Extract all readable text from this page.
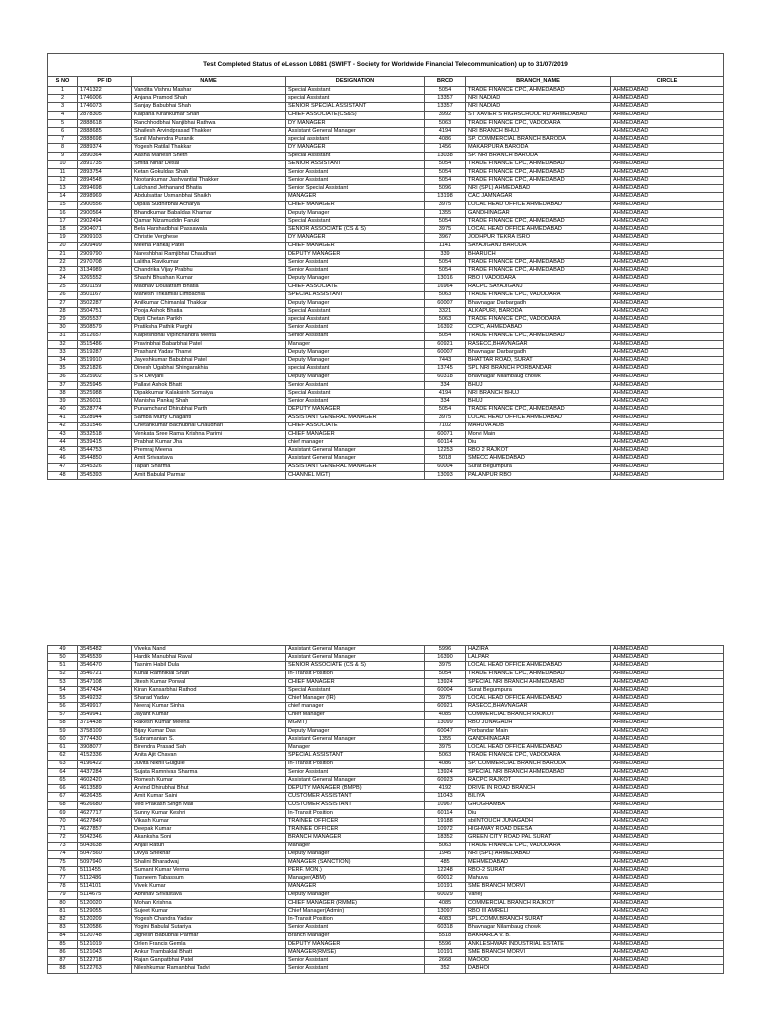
Test Completed Status of eLesson L0881 (SWIFT - Society for Worldwide Financial Telecommunication) up to 31/07/2019						
S NO	PF ID	NAME	DESIGNATION	BRCD	BRANCH_NAME	CIRCLE
1	1741322	Vandita Vishnu Mashar	Special Assistant	5054	TRADE FINANCE CPC, AHMEDABAD	AHMEDABAD
2	1746006	Anjana Pramod Shah	special Assistant	13357	NRI NADIAD	AHMEDABAD
3	1746073	Sanjay Babubhai Shah	SENIOR SPECIAL ASSISTANT	13357	NRI NADIAD	AHMEDABAD
4	2878305	Kalpana Kirankumar Shah	CHIEF ASSOCIATE(CS&S)	3992	ST XAVIER S HIGHSCHOOL RD AHMEDABAD	AHMEDABAD
5	2888618	Ranchhodbhai Nanjibhai Rathwa	DY MANAGER	5063	TRADE FINANCE CPC, VADODARA	AHMEDABAD
6	2888685	Shailesh Arvindprasad Thakker	Assistant General Manager	4194	NRI BRANCH BHUJ	AHMEDABAD
7	2888698	Sunil Mahendra Puranik	special assistant	4086	SP. COMMERCIAL BRANCH BARODA	AHMEDABAD
8	2889374	Yogesh Ratilal Thakkar	DY MANAGER	1456	MAKARPURA BARODA	AHMEDABAD
9	2890364	Aasha Mahesh Sheth	Special Assistant	13038	SP. NRI BRANCH BARODA	AHMEDABAD
10	2891735	Smita Nihar Desai	SENIOR ASSISTANT	5054	TRADE FINANCE CPC, AHMEDABAD	AHMEDABAD
11	2893754	Ketan Gokuldas Shah	Senior Assistant	5054	TRADE FINANCE CPC, AHMEDABAD	AHMEDABAD
12	2894548	Nootankumar Jashvantlal Thakker	Senior Assistant	5054	TRADE FINANCE CPC, AHMEDABAD	AHMEDABAD
13	2894698	Lalchand Jethanand Bhatia	Senior Special Assistant	5096	NRI (SPL) AHMEDABAD	AHMEDABAD
14	2898969	Abdulsattar Usmanbhai Shaikh	MANAGER	13198	CAC JAMNAGAR	AHMEDABAD
15	2900556	Ulpala Sudhirbhai Acharya	CHIEF MANAGER	3975	LOCAL HEAD OFFICE AHMEDABAD	AHMEDABAD
16	2900564	Bhandkumar Babaldas Khamar	Deputy Manager	1355	GANDHINAGAR	AHMEDABAD
17	2902494	Qamar Nizamuddin Faruki	Special Assistant	5054	TRADE FINANCE CPC, AHMEDABAD	AHMEDABAD
18	2904071	Bela Harshadbhai Passawala	SENIOR ASSOCIATE (CS & S)	3975	LOCAL HEAD OFFICE AHMEDABAD	AHMEDABAD
19	2909103	Christie Verghese	DY MANAGER	3967	JODHPUR TEKRA ISRO	AHMEDABAD
20	2909499	Meena Pankaj Patel	CHIEF MANAGER	1141	SAYAJIGANJ BARODA	AHMEDABAD
21	2909790	Nareshbhai Ramjibhai Chaudhari	DEPUTY MANAGER	339	BHARUCH	AHMEDABAD
22	2970708	Lalitha Ravikumar	Senior Assistant	5054	TRADE FINANCE CPC, AHMEDABAD	AHMEDABAD
23	3134989	Chandrika Vijay Prabhu	Senior Assistant	5054	TRADE FINANCE CPC, AHMEDABAD	AHMEDABAD
24	3265552	Shashi Bhushan Kumar	Deputy Manager	13016	RBO I VADODARA	AHMEDABAD
25	3501159	Madhav Doulatram Bhatia	CHIEF ASSOCIATE	16964	RACPC SAYAJIGANJ	AHMEDABAD
26	3501167	Mahesh Trikamlal Limbachia	SPECIAL ASSISTANT	5063	TRADE FINANCE CPC, VADODARA	AHMEDABAD
27	3502287	Anilkumar Chimanlal Thakkar	Deputy Manager	60007	Bhavnagar Darbargadh	AHMEDABAD
28	3504751	Pooja Ashok Bhatia	Special Assistant	3321	ALKAPURI, BARODA	AHMEDABAD
29	3505537	Dipti Chetan Parikh	special Assistant	5063	TRADE FINANCE CPC, VADODARA	AHMEDABAD
30	3508579	Pratiksha Pathik Parghi	Senior Assistant	16392	CCPC, AHMEDABAD	AHMEDABAD
31	3512657	Kalpeshbhai Vipinchandra Mehta	Senior Assistant	5054	TRADE FINANCE CPC, AHMEDABAD	AHMEDABAD
32	3515486	Pravinbhai Babarbhai Patel	Manager	60921	RASECC,BHAVNAGAR	AHMEDABAD
33	3519287	Prashant Yadav Thanvi	Deputy Manager	60007	Bhavnagar Darbargadh	AHMEDABAD
34	3519910	Jayeshkumar Babubhai Patel	Deputy Manager	7443	BHATTAR ROAD, SURAT	AHMEDABAD
35	3521826	Dinesh Ugabhai Shingarakhia	special Assistant	13745	SPL NRI BRANCH PORBANDAR	AHMEDABAD
36	3525902	S R Devjani	Deputy Manager	60318	Bhavnagar Nilambaug chowk	AHMEDABAD
37	3525945	Pallavi Ashok Bhatt	Senior Assistant	334	BHUJ	AHMEDABAD
38	3525988	Dipakkumar Kalaksinh Somaiya	Special Assistant	4194	NRI BRANCH BHUJ	AHMEDABAD
39	3526011	Manisha Pankaj Shah	Senior Assistant	334	BHUJ	AHMEDABAD
40	3528774	Punamchand Dhirubhai Parth	DEPUTY MANAGER	5054	TRADE FINANCE CPC, AHMEDABAD	AHMEDABAD
41	3528944	Samba Murty Chaganti	ASSISTANT GENERAL MANAGER	3975	LOCAL HEAD OFFICE AHMEDABAD	AHMEDABAD
42	3531546	Chetankumar Bachubhai Chaudhari	CHIEF ASSOCIATE	7102	MAHUVA ADB	AHMEDABAD
43	3532518	Venkata Sree Rama Krishna Parimi	CHIEF MANAGER	60071	Morvi Main	AHMEDABAD
44	3539415	Prabhat Kumar Jha	chief manager	60114	Diu	AHMEDABAD
45	3544753	Premraj Meena	Assistant General Manager	12253	RBO 2 RAJKOT	AHMEDABAD
46	3544850	Amit Srivastava	Assistant General Manager	5018	SMECC AHMEDABAD	AHMEDABAD
47	3545326	Tapan Sharma	ASSISTANT GENERAL MANAGER	60004	Surat Begumpura	AHMEDABAD
48	3545393	Amit Babulal Parmar	CHANNEL MGT)	13093	PALANPUR RBO	AHMEDABAD
49	3545482	Viveka Nand	Assistant General Manager	5996	HAZIRA	AHMEDABAD
50	3545539	Hardik Manubhai Raval	Assistant General Manager	16390	LALPAR	AHMEDABAD
51	3546470	Tasnim Habil Dula	SENIOR ASSOCIATE (CS & S)	3975	LOCAL HEAD OFFICE AHMEDABAD	AHMEDABAD
52	3546721	Kunal Ramniklal Shah	In-Transit Position	5054	TRADE FINANCE CPC, AHMEDABAD	AHMEDABAD
53	3547108	Jitesh Kumar Porwal	CHIEF MANAGER	13924	SPECIAL NRI BRANCH AHMEDABAD	AHMEDABAD
54	3547434	Kiran Kansarbhai Rathod	Special Assistant	60004	Surat Begumpura	AHMEDABAD
55	3549232	Sharad Yadav	Chief Manager (IR)	3975	LOCAL HEAD OFFICE AHMEDABAD	AHMEDABAD
56	3549917	Neeraj Kumar Sinha	chief manager	60921	RASECC,BHAVNAGAR	AHMEDABAD
57	3549941	Jayant Kumar	Chief Manager	4085	COMMERCIAL BRANCH RAJKOT	AHMEDABAD
58	3714438	Rakesh Kumar Meena	MGMT)	13099	RBO JUNAGADH	AHMEDABAD
59	3758109	Bijay Kumar Das	Deputy Manager	60047	Porbandar Main	AHMEDABAD
60	3774430	Subramanian S.	Assistant General Manager	1355	GANDHINAGAR	AHMEDABAD
61	3908077	Birendra Prasad Sah	Manager	3975	LOCAL HEAD OFFICE AHMEDABAD	AHMEDABAD
62	4152336	Anita Ajit Chavan	SPECIAL ASSISTANT	5063	TRADE FINANCE CPC, VADODARA	AHMEDABAD
63	4196422	Juvita Nikhil Gulgule	In-Transit Position	4086	SP. COMMERCIAL BRANCH BARODA	AHMEDABAD
64	4437284	Sujata Ramnivas Sharma	Senior Assistant	13924	SPECIAL NRI BRANCH AHMEDABAD	AHMEDABAD
65	4602420	Romesh Kumar	Assistant General Manager	60923	RACPC RAJKOT	AHMEDABAD
66	4613589	Arvind Dhirubhai Bhut	DEPUTY MANAGER (BMPB)	4192	DRIVE IN ROAD BRANCH	AHMEDABAD
67	4626435	Amit Kumar Saini	CUSTOMER ASSISTANT	11043	BILIYA	AHMEDABAD
68	4626680	Ved Prakash Singh Mali	CUSTOMER ASSISTANT	10967	GHOGHAMBA	AHMEDABAD
69	4627717	Sunny Kumar Keshri	In-Transit Position	60114	Diu	AHMEDABAD
70	4627849	Vikash Kumar	TRAINEE OFFICER	19188	sbiINTOUCH JUNAGADH	AHMEDABAD
71	4627857	Deepak Kumar	TRAINEE OFFICER	10972	HIGHWAY ROAD DEESA	AHMEDABAD
72	5042346	Akanksha Soni	BRANCH MANAGER	18352	GREEN CITY ROAD PAL SURAT	AHMEDABAD
73	5043638	Anjali Raturi	Manager	5063	TRADE FINANCE CPC, VADODARA	AHMEDABAD
74	5047560	Divya Shekhar	Deputy Manager	1945	NRI (SPL) AHMEDABAD	AHMEDABAD
75	5097940	Shalini Bharadwaj	MANAGER (SANCTION)	485	MEHMEDABAD	AHMEDABAD
76	5111455	Sumant Kumar Verma	PERF. MON.)	12248	RBO-2 SURAT	AHMEDABAD
77	5112486	Tasneem Tabassum	Manager(ABM)	60012	Mahuva	AHMEDABAD
78	5114101	Vivek Kumar	MANAGER	10191	SME BRANCH MORVI	AHMEDABAD
79	5114675	Abhinav Srivastava	Deputy Manager	60029	Varlej	AHMEDABAD
80	5120020	Mohan Krishna	CHIEF MANAGER (RMME)	4085	COMMERCIAL BRANCH RAJKOT	AHMEDABAD
81	5129055	Sujeet Kumar	Chief Manager(Admin)	13097	RBO III AMRELI	AHMEDABAD
82	5120209	Yogesh Chandra Yadav	In-Transit Position	4083	SPL.COMM.BRANCH SURAT	AHMEDABAD
83	5120586	Yogini Babulal Sutariya	Senior Assistant	60318	Bhavnagar Nilambaug chowk	AHMEDABAD
84	5120748	Jignesh Babubhai Parmar	Branch Manager	5518	BAKHARLA V. B.	AHMEDABAD
85	5121019	Orlen Francis Gemla	DEPUTY MANAGER	5596	ANKLESHWAR INDUSTRIAL ESTATE	AHMEDABAD
86	5121043	Ankur Trambaklal Bhatt	MANAGER(RMSE)	10191	SME BRANCH MORVI	AHMEDABAD
87	5122718	Rajan Ganpatbhai Patel	Senior Assistant	2668	MAOOD	AHMEDABAD
88	5122763	Nileshkumar Ramanbhai Tadvi	Senior Assistant	352	DABHOI	AHMEDABAD
